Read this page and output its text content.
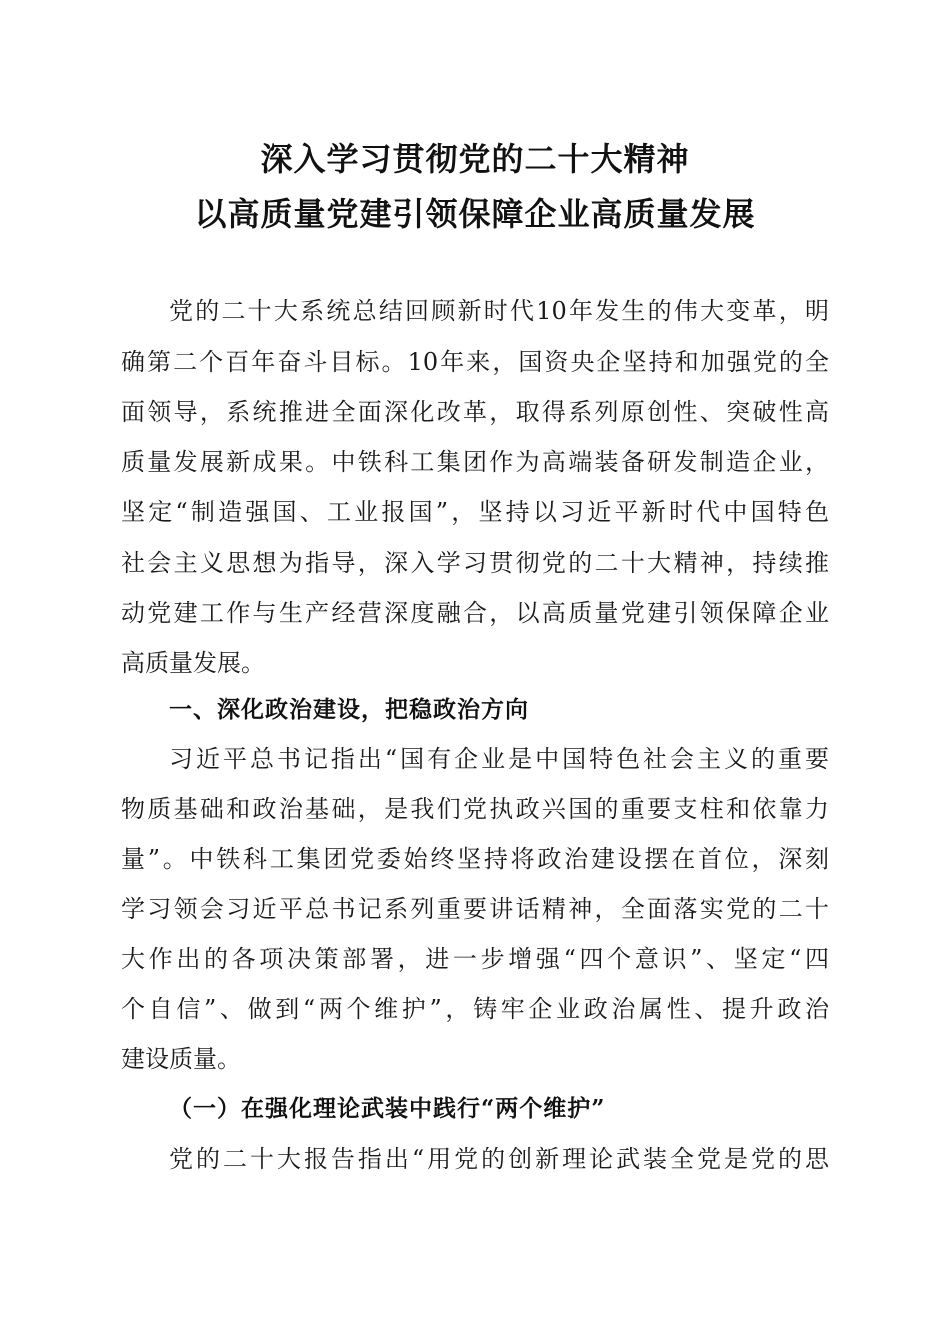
深入学习贯彻党的二十大精神
以高质量党建引领保障企业高质量发展
党的二十大系统总结回顾新时代10年发生的伟大变革，明
确第二个百年奋斗目标。10年来，国资央企坚持和加强党的全
面领导，系统推进全面深化改革，取得系列原创性、突破性高
质量发展新成果。中铁科工集团作为高端装备研发制造企业，
坚定“制造强国、工业报国”，坚持以习近平新时代中国特色
社会主义思想为指导，深入学习贯彻党的二十大精神，持续推
动党建工作与生产经营深度融合，以高质量党建引领保障企业
高质量发展。
一、深化政治建设，把稳政治方向
习近平总书记指出“国有企业是中国特色社会主义的重要
物质基础和政治基础，是我们党执政兴国的重要支柱和依靠力
量”。中铁科工集团党委始终坚持将政治建设摆在首位，深刻
学习领会习近平总书记系列重要讲话精神，全面落实党的二十
大作出的各项决策部署，进一步增强“四个意识”、坚定“四
个自信”、做到“两个维护”，铸牢企业政治属性、提升政治
建设质量。
（一）在强化理论武装中践行“两个维护”
党的二十大报告指出“用党的创新理论武装全党是党的思
